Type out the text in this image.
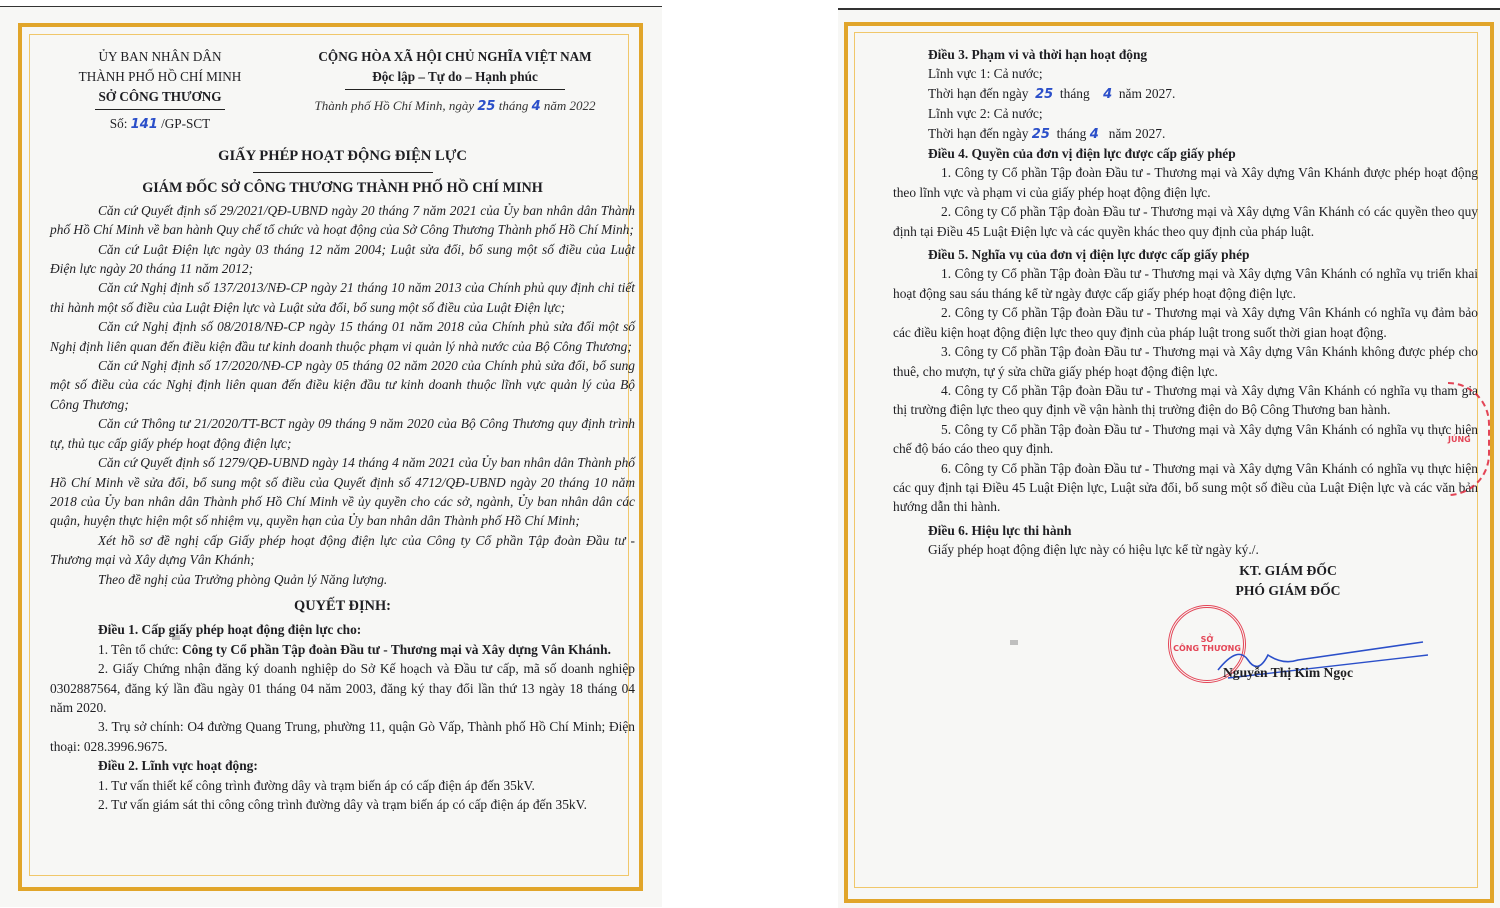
ỦY BAN NHÂN DÂN
THÀNH PHỐ HỒ CHÍ MINH
SỞ CÔNG THƯƠNG
Số: 141 /GP-SCT
CỘNG HÒA XÃ HỘI CHỦ NGHĨA VIỆT NAM
Độc lập – Tự do – Hạnh phúc
Thành phố Hồ Chí Minh, ngày 25 tháng 4 năm 2022
GIẤY PHÉP HOẠT ĐỘNG ĐIỆN LỰC
GIÁM ĐỐC SỞ CÔNG THƯƠNG THÀNH PHỐ HỒ CHÍ MINH

Căn cứ Quyết định số 29/2021/QĐ-UBND ngày 20 tháng 7 năm 2021 của Ủy ban nhân dân Thành phố Hồ Chí Minh về ban hành Quy chế tổ chức và hoạt động của Sở Công Thương Thành phố Hồ Chí Minh;

Căn cứ Luật Điện lực ngày 03 tháng 12 năm 2004; Luật sửa đổi, bổ sung một số điều của Luật Điện lực ngày 20 tháng 11 năm 2012;

Căn cứ Nghị định số 137/2013/NĐ-CP ngày 21 tháng 10 năm 2013 của Chính phủ quy định chi tiết thi hành một số điều của Luật Điện lực và Luật sửa đổi, bổ sung một số điều của Luật Điện lực;

Căn cứ Nghị định số 08/2018/NĐ-CP ngày 15 tháng 01 năm 2018 của Chính phủ sửa đổi một số Nghị định liên quan đến điều kiện đầu tư kinh doanh thuộc phạm vi quản lý nhà nước của Bộ Công Thương;

Căn cứ Nghị định số 17/2020/NĐ-CP ngày 05 tháng 02 năm 2020 của Chính phủ sửa đổi, bổ sung một số điều của các Nghị định liên quan đến điều kiện đầu tư kinh doanh thuộc lĩnh vực quản lý của Bộ Công Thương;

Căn cứ Thông tư 21/2020/TT-BCT ngày 09 tháng 9 năm 2020 của Bộ Công Thương quy định trình tự, thủ tục cấp giấy phép hoạt động điện lực;

Căn cứ Quyết định số 1279/QĐ-UBND ngày 14 tháng 4 năm 2021 của Ủy ban nhân dân Thành phố Hồ Chí Minh về sửa đổi, bổ sung một số điều của Quyết định số 4712/QĐ-UBND ngày 20 tháng 10 năm 2018 của Ủy ban nhân dân Thành phố Hồ Chí Minh về ủy quyền cho các sở, ngành, Ủy ban nhân dân các quận, huyện thực hiện một số nhiệm vụ, quyền hạn của Ủy ban nhân dân Thành phố Hồ Chí Minh;

Xét hồ sơ đề nghị cấp Giấy phép hoạt động điện lực của Công ty Cổ phần Tập đoàn Đầu tư - Thương mại và Xây dựng Vân Khánh;

Theo đề nghị của Trưởng phòng Quản lý Năng lượng.

QUYẾT ĐỊNH:

Điều 1. Cấp giấy phép hoạt động điện lực cho:

1. Tên tổ chức: Công ty Cổ phần Tập đoàn Đầu tư - Thương mại và Xây dựng Vân Khánh.

2. Giấy Chứng nhận đăng ký doanh nghiệp do Sở Kế hoạch và Đầu tư cấp, mã số doanh nghiệp 0302887564, đăng ký lần đầu ngày 01 tháng 04 năm 2003, đăng ký thay đổi lần thứ 13 ngày 18 tháng 04 năm 2020.

3. Trụ sở chính: O4 đường Quang Trung, phường 11, quận Gò Vấp, Thành phố Hồ Chí Minh; Điện thoại: 028.3996.9675.

Điều 2. Lĩnh vực hoạt động:

1. Tư vấn thiết kế công trình đường dây và trạm biến áp có cấp điện áp đến 35kV.

2. Tư vấn giám sát thi công công trình đường dây và trạm biến áp có cấp điện áp đến 35kV.

Điều 3. Phạm vi và thời hạn hoạt động

Lĩnh vực 1: Cả nước;

Thời hạn đến ngày 25 tháng 4 năm 2027.

Lĩnh vực 2: Cả nước;

Thời hạn đến ngày 25 tháng 4 năm 2027.

Điều 4. Quyền của đơn vị điện lực được cấp giấy phép

1. Công ty Cổ phần Tập đoàn Đầu tư - Thương mại và Xây dựng Vân Khánh được phép hoạt động theo lĩnh vực và phạm vi của giấy phép hoạt động điện lực.

2. Công ty Cổ phần Tập đoàn Đầu tư - Thương mại và Xây dựng Vân Khánh có các quyền theo quy định tại Điều 45 Luật Điện lực và các quyền khác theo quy định của pháp luật.

Điều 5. Nghĩa vụ của đơn vị điện lực được cấp giấy phép

1. Công ty Cổ phần Tập đoàn Đầu tư - Thương mại và Xây dựng Vân Khánh có nghĩa vụ triển khai hoạt động sau sáu tháng kể từ ngày được cấp giấy phép hoạt động điện lực.

2. Công ty Cổ phần Tập đoàn Đầu tư - Thương mại và Xây dựng Vân Khánh có nghĩa vụ đảm bảo các điều kiện hoạt động điện lực theo quy định của pháp luật trong suốt thời gian hoạt động.

3. Công ty Cổ phần Tập đoàn Đầu tư - Thương mại và Xây dựng Vân Khánh không được phép cho thuê, cho mượn, tự ý sửa chữa giấy phép hoạt động điện lực.

4. Công ty Cổ phần Tập đoàn Đầu tư - Thương mại và Xây dựng Vân Khánh có nghĩa vụ tham gia thị trường điện lực theo quy định về vận hành thị trường điện do Bộ Công Thương ban hành.

5. Công ty Cổ phần Tập đoàn Đầu tư - Thương mại và Xây dựng Vân Khánh có nghĩa vụ thực hiện chế độ báo cáo theo quy định.

6. Công ty Cổ phần Tập đoàn Đầu tư - Thương mại và Xây dựng Vân Khánh có nghĩa vụ thực hiện các quy định tại Điều 45 Luật Điện lực, Luật sửa đổi, bổ sung một số điều của Luật Điện lực và các văn bản hướng dẫn thi hành.

Điều 6. Hiệu lực thi hành

Giấy phép hoạt động điện lực này có hiệu lực kể từ ngày ký./.

JÚNG
SỞ
CÔNG THƯƠNG
KT. GIÁM ĐỐC
PHÓ GIÁM ĐỐC
Nguyễn Thị Kim Ngọc
